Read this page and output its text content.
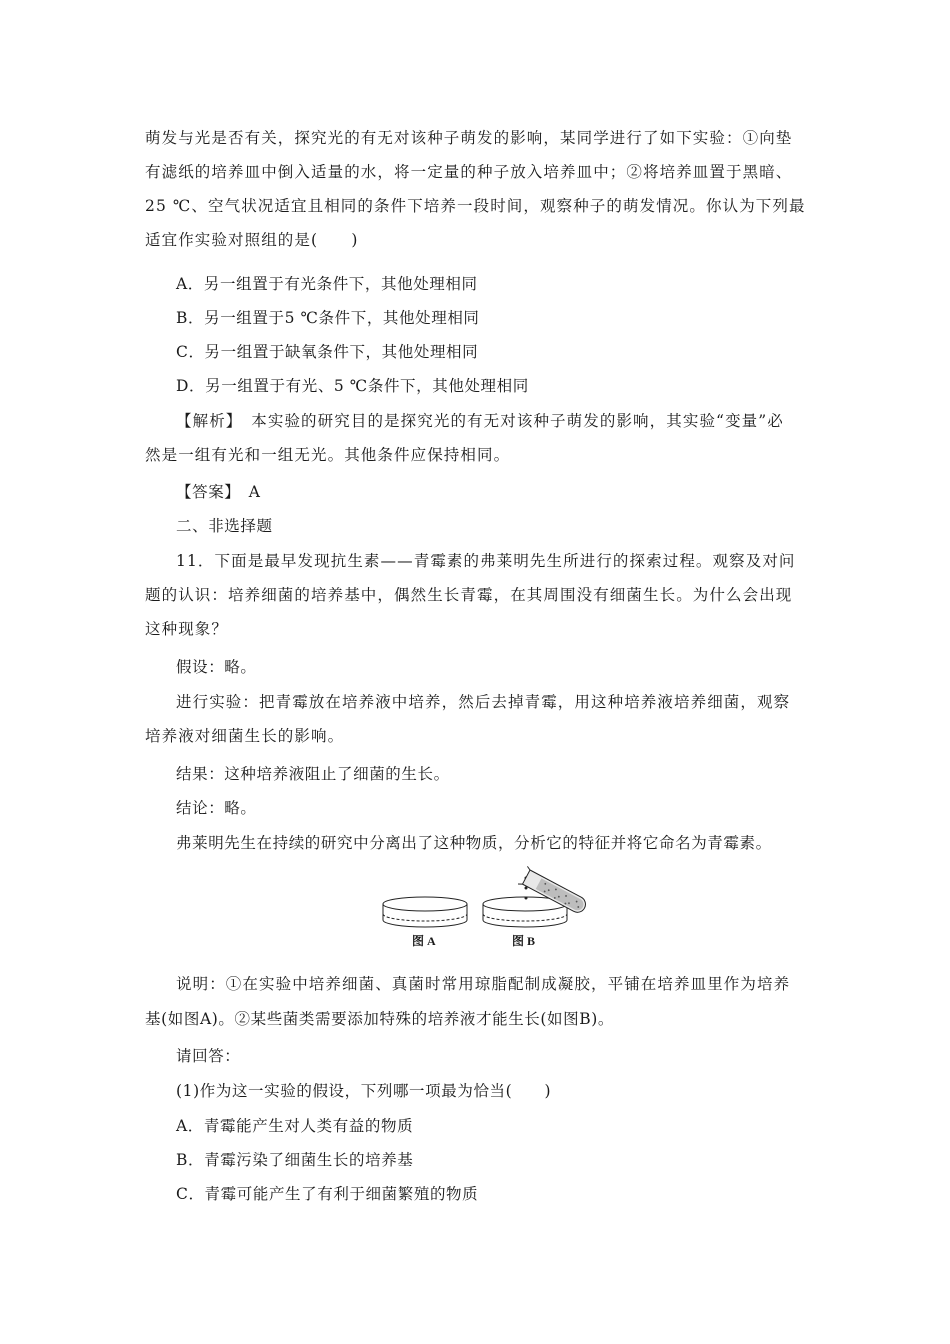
萌发与光是否有关，探究光的有无对该种子萌发的影响，某同学进行了如下实验：①向垫
有滤纸的培养皿中倒入适量的水，将一定量的种子放入培养皿中；②将培养皿置于黑暗、
25 ℃、空气状况适宜且相同的条件下培养一段时间，观察种子的萌发情况。你认为下列最
适宜作实验对照组的是(　　)
A．另一组置于有光条件下，其他处理相同
B．另一组置于5 ℃条件下，其他处理相同
C．另一组置于缺氧条件下，其他处理相同
D．另一组置于有光、5 ℃条件下，其他处理相同
【解析】　本实验的研究目的是探究光的有无对该种子萌发的影响，其实验“变量”必
然是一组有光和一组无光。其他条件应保持相同。
【答案】　A
二、非选择题
11．下面是最早发现抗生素——青霉素的弗莱明先生所进行的探索过程。观察及对问
题的认识：培养细菌的培养基中，偶然生长青霉，在其周围没有细菌生长。为什么会出现
这种现象？
假设：略。
进行实验：把青霉放在培养液中培养，然后去掉青霉，用这种培养液培养细菌，观察
培养液对细菌生长的影响。
结果：这种培养液阻止了细菌的生长。
结论：略。
弗莱明先生在持续的研究中分离出了这种物质，分析它的特征并将它命名为青霉素。
图 A	图 B
说明：①在实验中培养细菌、真菌时常用琼脂配制成凝胶，平铺在培养皿里作为培养
基(如图A)。②某些菌类需要添加特殊的培养液才能生长(如图B)。
请回答：
(1)作为这一实验的假设，下列哪一项最为恰当(　　)
A．青霉能产生对人类有益的物质
B．青霉污染了细菌生长的培养基
C．青霉可能产生了有利于细菌繁殖的物质
